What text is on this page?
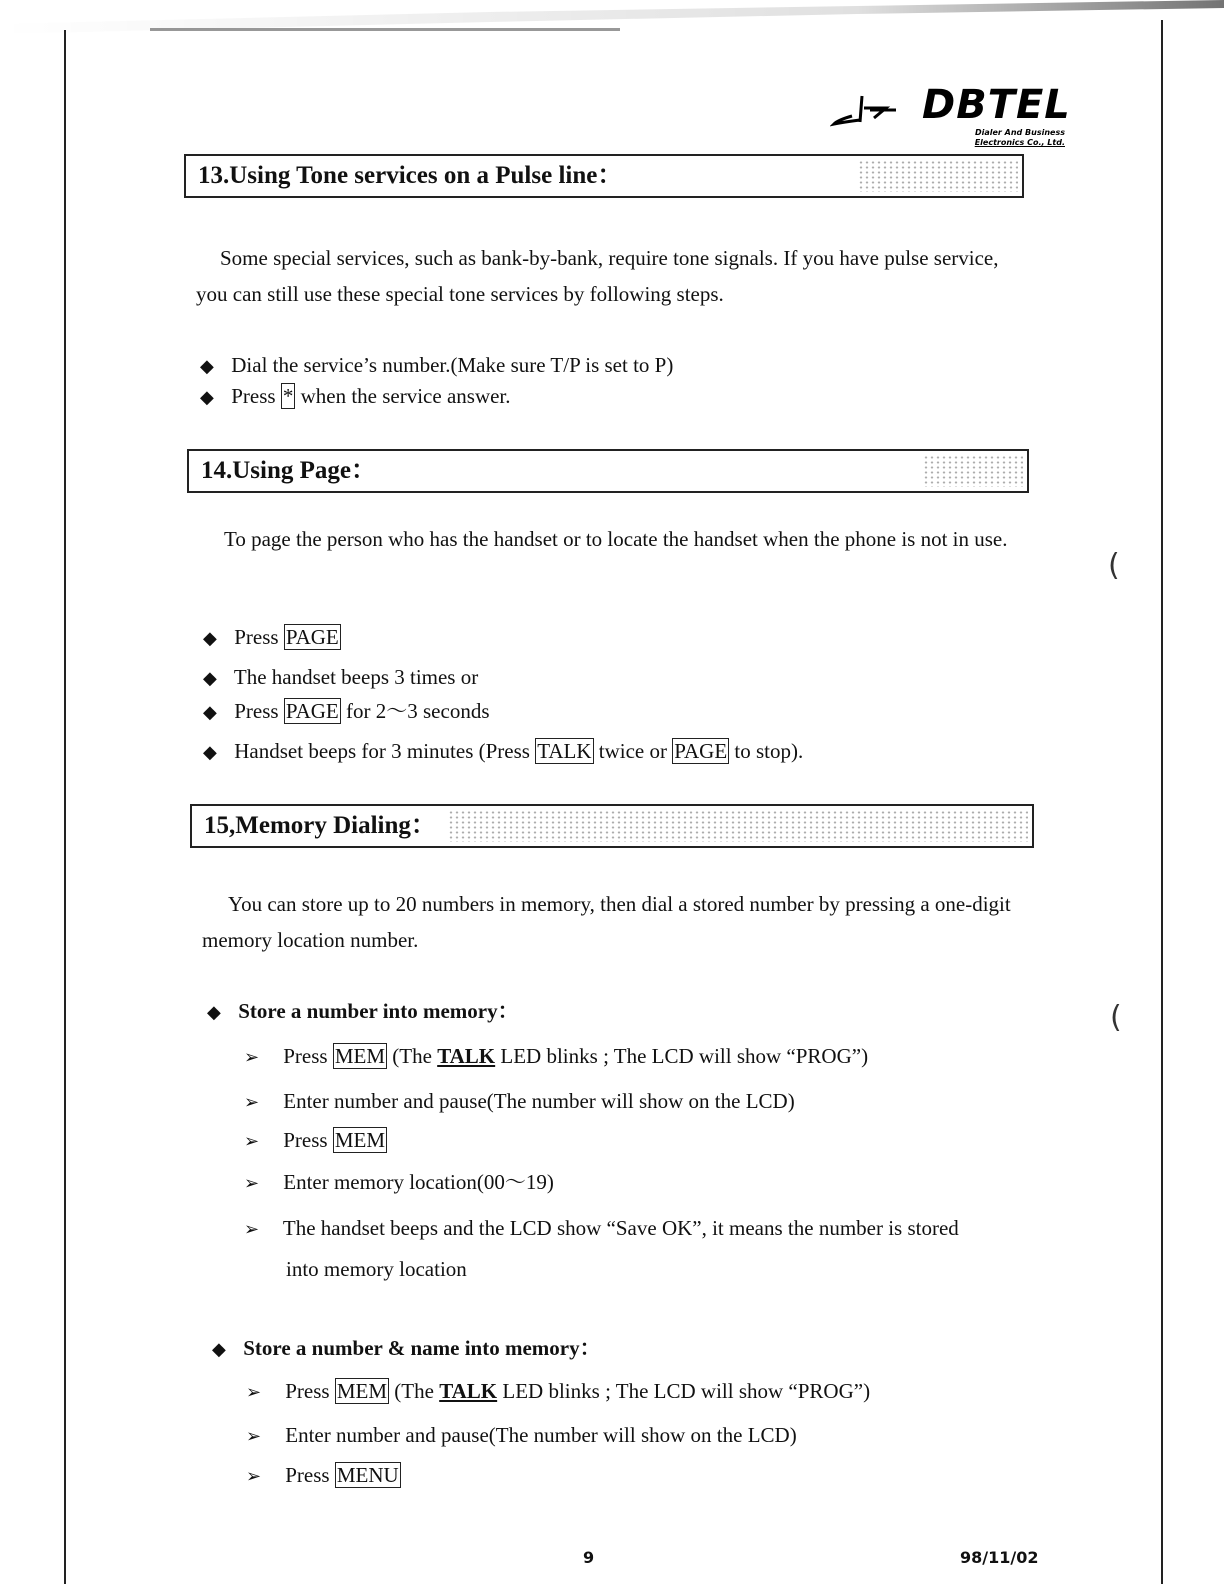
(
(
DBTEL
Dialer And Business
Electronics Co., Ltd.
13.Using Tone services on a Pulse line：

Some special services, such as bank-by-bank, require tone signals. If you have pulse service, you can still use these special tone services by following steps.

◆ Dial the service’s number.(Make sure T/P is set to P)
◆ Press * when the service answer.
14.Using Page：

To page the person who has the handset or to locate the handset when the phone is not in use.

◆ Press PAGE
◆ The handset beeps 3 times or
◆ Press PAGE for 2～3 seconds
◆ Handset beeps for 3 minutes (Press TALK twice or PAGE to stop).
15,Memory Dialing：

You can store up to 20 numbers in memory, then dial a stored number by pressing a one-digit memory location number.

◆ Store a number into memory：
➢ Press MEM (The TALK LED blinks ; The LCD will show “PROG”)
➢ Enter number and pause(The number will show on the LCD)
➢ Press MEM
➢ Enter memory location(00～19)
➢ The handset beeps and the LCD show “Save OK”, it means the number is stored
into memory location
◆ Store a number & name into memory：
➢ Press MEM (The TALK LED blinks ; The LCD will show “PROG”)
➢ Enter number and pause(The number will show on the LCD)
➢ Press MENU
9	98/11/02
